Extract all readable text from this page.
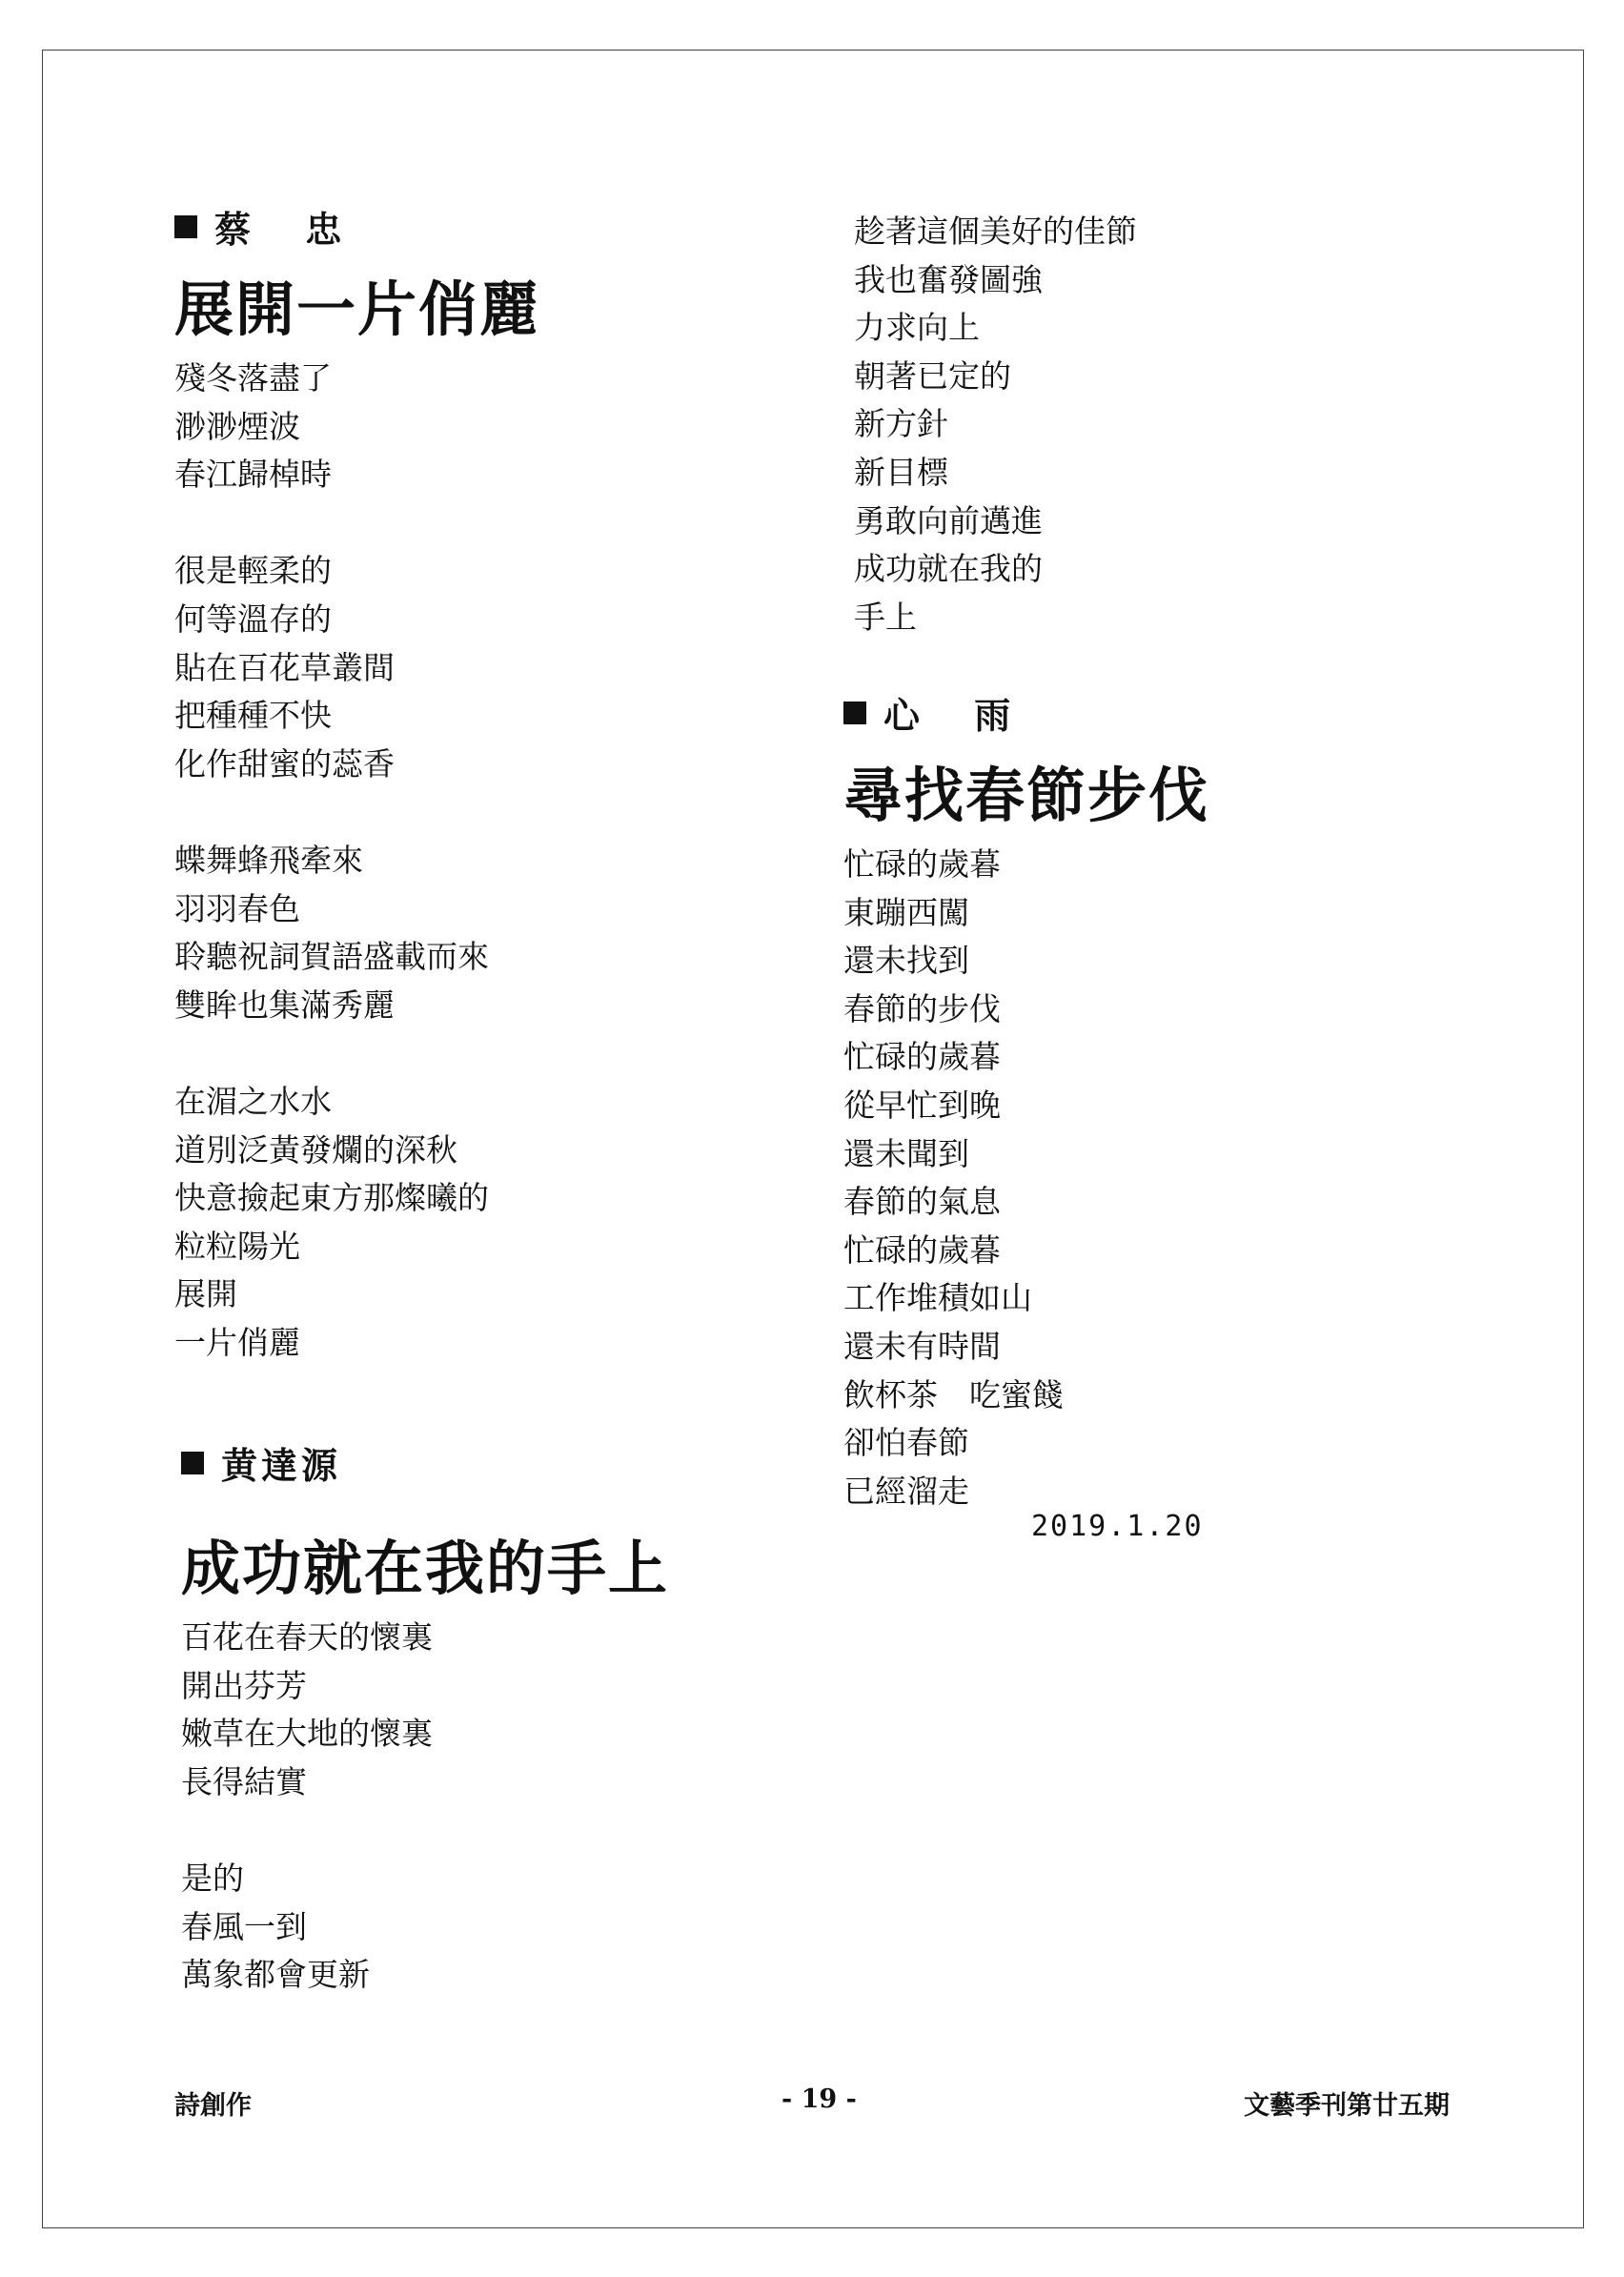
蔡 忠
展開一片俏麗
殘冬落盡了
渺渺煙波
春江歸棹時
很是輕柔的
何等溫存的
貼在百花草叢間
把種種不快
化作甜蜜的蕊香
蝶舞蜂飛牽來
羽羽春色
聆聽祝詞賀語盛載而來
雙眸也集滿秀麗
在湄之水水
道別泛黃發爛的深秋
快意撿起東方那燦曦的
粒粒陽光
展開
一片俏麗
黄達源
成功就在我的手上
百花在春天的懷裏
開出芬芳
嫩草在大地的懷裏
長得結實
是的
春風一到
萬象都會更新
趁著這個美好的佳節
我也奮發圖強
力求向上
朝著已定的
新方針
新目標
勇敢向前邁進
成功就在我的
手上
心 雨
尋找春節步伐
忙碌的歲暮
東蹦西闖
還未找到
春節的步伐
忙碌的歲暮
從早忙到晚
還未聞到
春節的氣息
忙碌的歲暮
工作堆積如山
還未有時間
飲杯茶　吃蜜餞
卻怕春節
已經溜走
2019.1.20
詩創作	- 19 -	文藝季刊第廿五期
